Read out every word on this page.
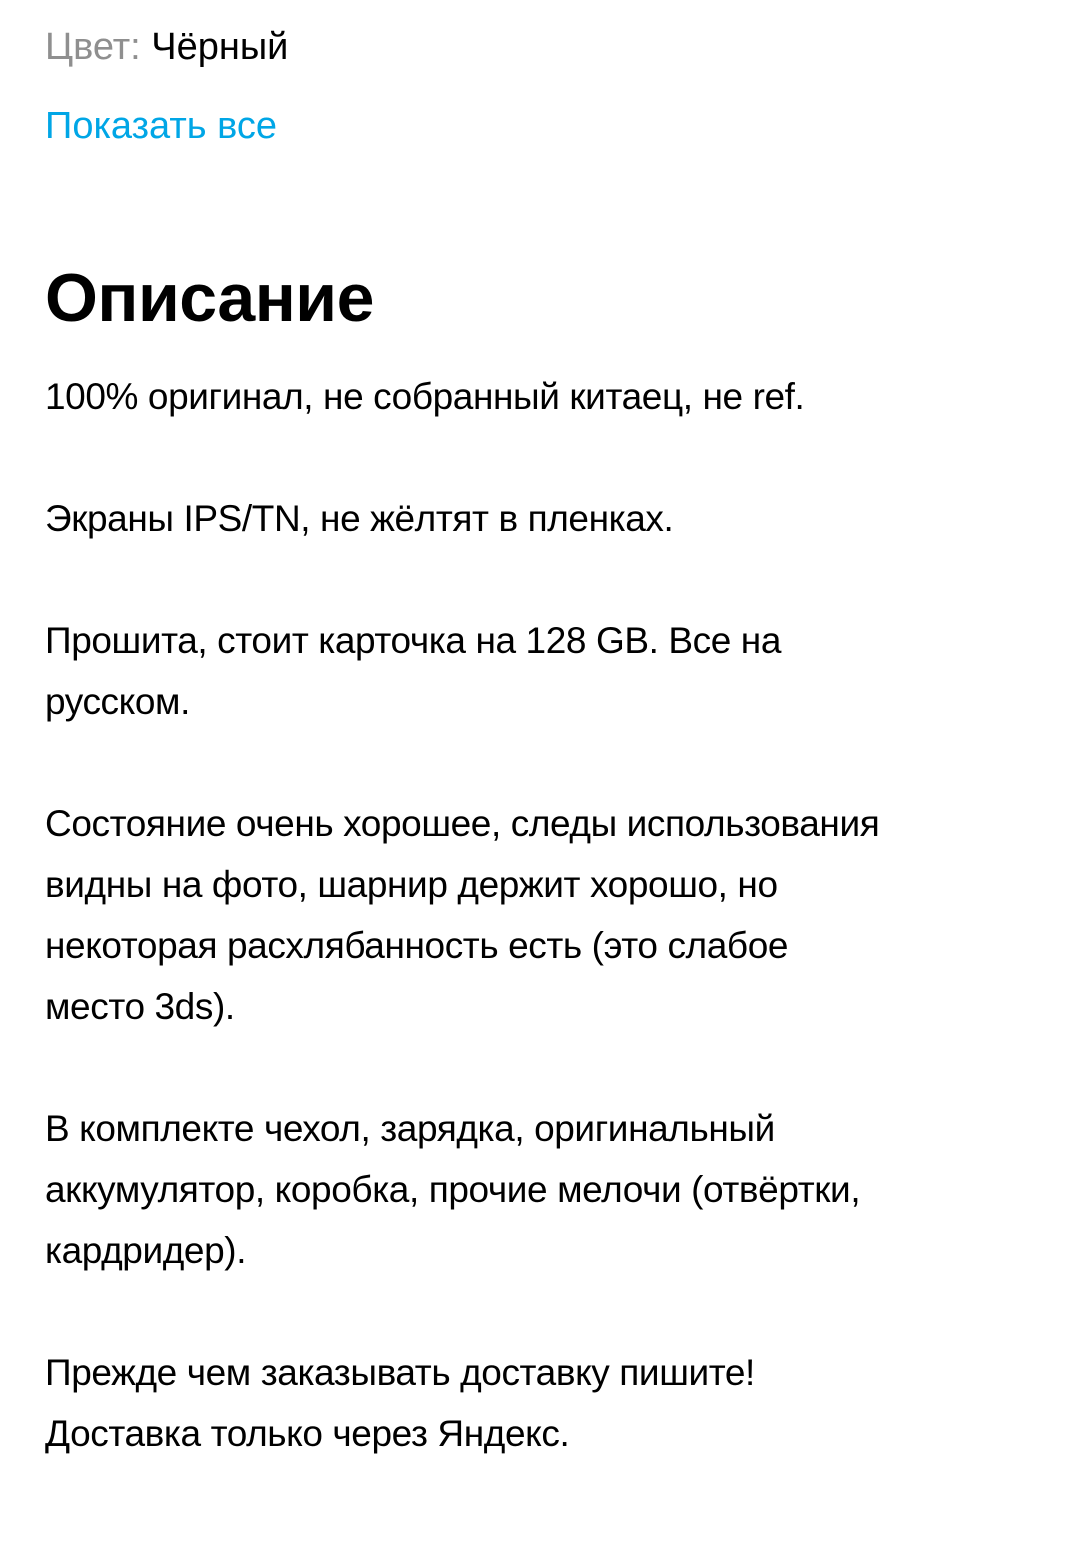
Цвет: Чёрный
Показать все
Описание
100% оригинал, не собранный китаец, не ref.

Экраны IPS/TN, не жёлтят в пленках.

Прошита, стоит карточка на 128 GB. Все на
русском.

Состояние очень хорошее, следы использования
видны на фото, шарнир держит хорошо, но
некоторая расхлябанность есть (это слабое
место 3ds).

В комплекте чехол, зарядка, оригинальный
аккумулятор, коробка, прочие мелочи (отвёртки,
кардридер).

Прежде чем заказывать доставку пишите!
Доставка только через Яндекс.
